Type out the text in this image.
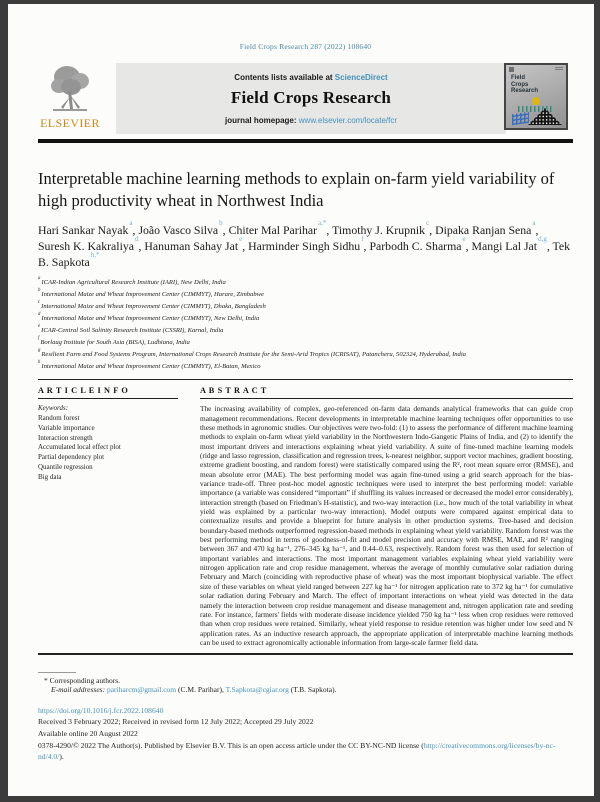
Field Crops Research 287 (2022) 108640
ELSEVIER
Contents lists available at ScienceDirect
Field Crops Research
journal homepage: www.elsevier.com/locate/fcr
Field Crops Research
Interpretable machine learning methods to explain on-farm yield variability of high productivity wheat in Northwest India
Hari Sankar Nayak$^a$, João Vasco Silva$^b$, Chiter Mal Parihar$^{a,*}$, Timothy J. Krupnik$^c$, Dipaka Ranjan Sena$^a$, Suresh K. Kakraliya$^d$, Hanuman Sahay Jat$^e$, Harminder Singh Sidhu$^f$, Parbodh C. Sharma$^e$, Mangi Lal Jat$^{d,g}$, Tek B. Sapkota$^{h,*}$
$^a$ICAR-Indian Agricultural Research Institute (IARI), New Delhi, India
$^b$International Maize and Wheat Improvement Center (CIMMYT), Harare, Zimbabwe
$^c$International Maize and Wheat Improvement Center (CIMMYT), Dhaka, Bangladesh
$^d$International Maize and Wheat Improvement Center (CIMMYT), New Delhi, India
$^e$ICAR-Central Soil Salinity Research Institute (CSSRI), Karnal, India
$^f$Borlaug Institute for South Asia (BISA), Ludhiana, India
$^g$Resilient Farm and Food Systems Program, International Crops Research Institute for the Semi-Arid Tropics (ICRISAT), Patancheru, 502324, Hyderabad, India
$^h$International Maize and Wheat Improvement Center (CIMMYT), El-Batan, Mexico
A R T I C L E I N F O
Keywords:
Random forest
Variable importance
Interaction strength
Accumulated local effect plot
Partial dependency plot
Quantile regression
Big data
A B S T R A C T

The increasing availability of complex, geo-referenced on-farm data demands analytical frameworks that can guide crop management recommendations. Recent developments in interpretable machine learning techniques offer opportunities to use these methods in agronomic studies. Our objectives were two-fold: (1) to assess the performance of different machine learning methods to explain on-farm wheat yield variability in the Northwestern Indo-Gangetic Plains of India, and (2) to identify the most important drivers and interactions explaining wheat yield variability. A suite of fine-tuned machine learning models (ridge and lasso regression, classification and regression trees, k-nearest neighbor, support vector machines, gradient boosting, extreme gradient boosting, and random forest) were statistically compared using the R², root mean square error (RMSE), and mean absolute error (MAE). The best performing model was again fine-tuned using a grid search approach for the bias-variance trade-off. Three post-hoc model agnostic techniques were used to interpret the best performing model: variable importance (a variable was considered “important” if shuffling its values increased or decreased the model error considerably), interaction strength (based on Friedman's H-statistic), and two-way interaction (i.e., how much of the total variability in wheat yield was explained by a particular two-way interaction). Model outputs were compared against empirical data to contextualize results and provide a blueprint for future analysis in other production systems. Tree-based and decision boundary-based methods outperformed regression-based methods in explaining wheat yield variability. Random forest was the best performing method in terms of goodness-of-fit and model precision and accuracy with RMSE, MAE, and R² ranging between 367 and 470 kg ha⁻¹, 276–345 kg ha⁻¹, and 0.44–0.63, respectively. Random forest was then used for selection of important variables and interactions. The most important management variables explaining wheat yield variability were nitrogen application rate and crop residue management, whereas the average of monthly cumulative solar radiation during February and March (coinciding with reproductive phase of wheat) was the most important biophysical variable. The effect size of these variables on wheat yield ranged between 227 kg ha⁻¹ for nitrogen application rate to 372 kg ha⁻¹ for cumulative solar radiation during February and March. The effect of important interactions on wheat yield was detected in the data namely the interaction between crop residue management and disease management and, nitrogen application rate and seeding rate. For instance, farmers' fields with moderate disease incidence yielded 750 kg ha⁻¹ less when crop residues were removed than when crop residues were retained. Similarly, wheat yield response to residue retention was higher under low seed and N application rates. As an inductive research approach, the appropriate application of interpretable machine learning methods can be used to extract agronomically actionable information from large-scale farmer field data.

* Corresponding authors.
E-mail addresses: pariharcm@gmail.com (C.M. Parihar), T.Sapkota@cgiar.org (T.B. Sapkota).
https://doi.org/10.1016/j.fcr.2022.108640
Received 3 February 2022; Received in revised form 12 July 2022; Accepted 29 July 2022
Available online 20 August 2022
0378-4290/© 2022 The Author(s). Published by Elsevier B.V. This is an open access article under the CC BY-NC-ND license (http://creativecommons.org/licenses/by-nc-nd/4.0/).
